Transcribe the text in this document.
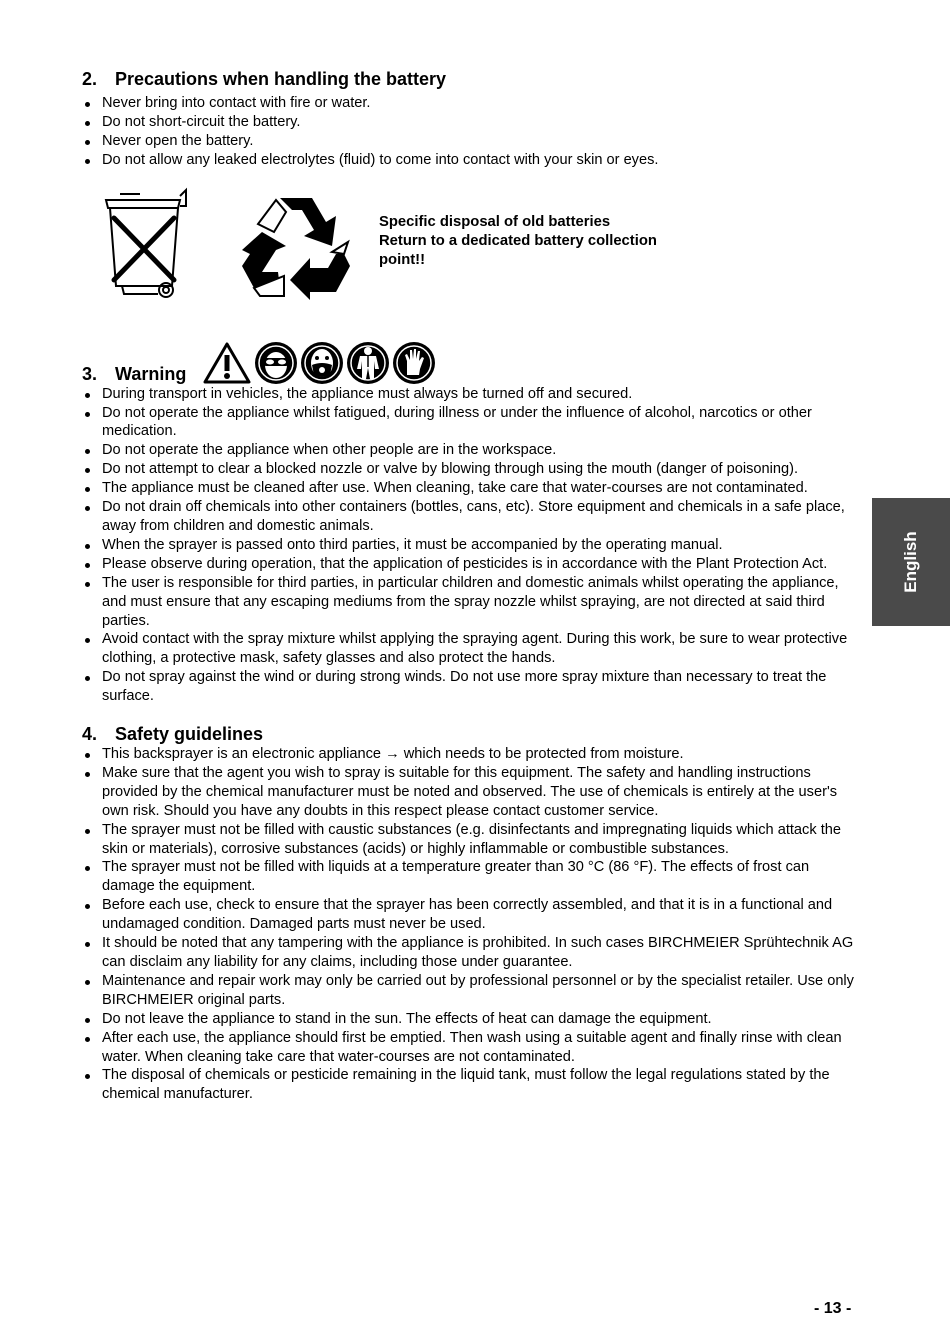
2. Precautions when handling the battery
Never bring into contact with fire or water.
Do not short-circuit the battery.
Never open the battery.
Do not allow any leaked electrolytes (fluid) to come into contact with your skin or eyes.
Specific disposal of old batteries
Return to a dedicated battery collection
point!!
3. Warning
During transport in vehicles, the appliance must always be turned off and secured.
Do not operate the appliance whilst fatigued, during illness or under the influence of alcohol, narcotics or other medication.
Do not operate the appliance when other people are in the workspace.
Do not attempt to clear a blocked nozzle or valve by blowing through using the mouth (danger of poisoning).
The appliance must be cleaned after use. When cleaning, take care that water-courses are not contaminated.
Do not drain off chemicals into other containers (bottles, cans, etc). Store equipment and chemicals in a safe place, away from children and domestic animals.
When the sprayer is passed onto third parties, it must be accompanied by the operating manual.
Please observe during operation, that the application of pesticides is in accordance with the Plant Protection Act.
The user is responsible for third parties, in particular children and domestic animals whilst operating the appliance, and must ensure that any escaping mediums from the spray nozzle whilst spraying, are not directed at said third parties.
Avoid contact with the spray mixture whilst applying the spraying agent. During this work, be sure to wear protective clothing, a protective mask, safety glasses and also protect the hands.
Do not spray against the wind or during strong winds. Do not use more spray mixture than necessary to treat the surface.
4. Safety guidelines
This backsprayer is an electronic appliance → which needs to be protected from moisture.
Make sure that the agent you wish to spray is suitable for this equipment. The safety and handling instructions provided by the chemical manufacturer must be noted and observed. The use of chemicals is entirely at the user's own risk. Should you have any doubts in this respect please contact customer service.
The sprayer must not be filled with caustic substances (e.g. disinfectants and impregnating liquids which attack the skin or materials), corrosive substances (acids) or highly inflammable or combustible substances.
The sprayer must not be filled with liquids at a temperature greater than 30 °C (86 °F). The effects of frost can damage the equipment.
Before each use, check to ensure that the sprayer has been correctly assembled, and that it is in a functional and undamaged condition. Damaged parts must never be used.
It should be noted that any tampering with the appliance is prohibited. In such cases BIRCHMEIER Sprühtechnik AG can disclaim any liability for any claims, including those under guarantee.
Maintenance and repair work may only be carried out by professional personnel or by the specialist retailer. Use only BIRCHMEIER original parts.
Do not leave the appliance to stand in the sun. The effects of heat can damage the equipment.
After each use, the appliance should first be emptied. Then wash using a suitable agent and finally rinse with clean water. When cleaning take care that water-courses are not contaminated.
The disposal of chemicals or pesticide remaining in the liquid tank, must follow the legal regulations stated by the chemical manufacturer.
English
- 13 -
